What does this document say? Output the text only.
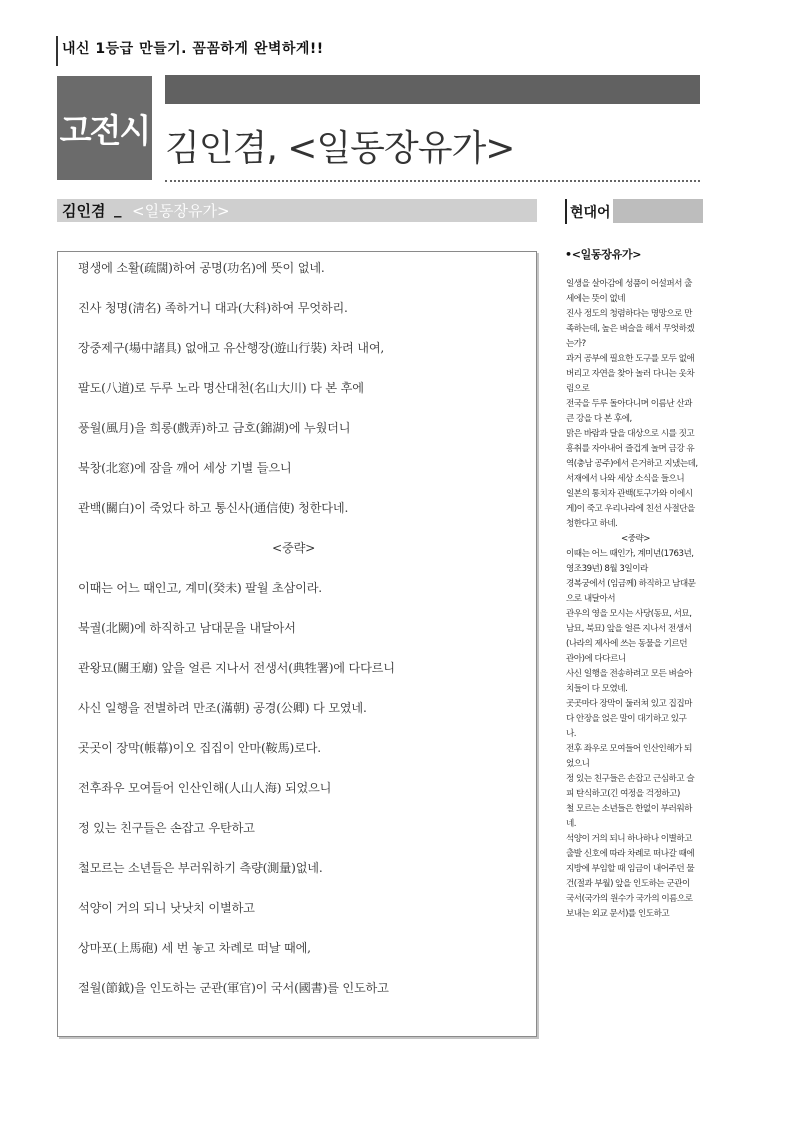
내신 1등급 만들기. 꼼꼼하게 완벽하게!!
고전시 김인겸, <일동장유가>
김인겸 _ <일동장유가>
평생에 소활(疏闊)하여 공명(功名)에 뜻이 없네.
진사 청명(淸名) 족하거니 대과(大科)하여 무엇하리.
장중제구(場中諸具) 없애고 유산행장(遊山行裝) 차려 내여,
팔도(八道)로 두루 노라 명산대천(名山大川) 다 본 후에
풍월(風月)을 희롱(戲弄)하고 금호(錦湖)에 누웠더니
북창(北窓)에 잠을 깨어 세상 기별 들으니
관백(關白)이 죽었다 하고 통신사(通信使) 청한다네.
<중략>
이때는 어느 때인고, 계미(癸未) 팔월 초삼이라.
북궐(北闕)에 하직하고 남대문을 내달아서
관왕묘(關王廟) 앞을 얼른 지나서 전생서(典牲署)에 다다르니
사신 일행을 전별하려 만조(滿朝) 공경(公卿) 다 모였네.
곳곳이 장막(帳幕)이오 집집이 안마(鞍馬)로다.
전후좌우 모여들어 인산인해(人山人海) 되었으니
정 있는 친구들은 손잡고 우탄하고
철모르는 소년들은 부러워하기 측량(測量)없네.
석양이 거의 되니 낫낫치 이별하고
상마포(上馬砲) 세 번 놓고 차례로 떠날 때에,
절월(節鉞)을 인도하는 군관(軍官)이 국서(國書)를 인도하고
현대어
•<일동장유가>
일생을 살아감에 성품이 어설퍼서 출
세에는 뜻이 없네
진사 정도의 청렴하다는 명망으로 만
족하는데, 높은 벼슬을 해서 무엇하겠
는가?
과거 공부에 필요한 도구를 모두 없애
버리고 자연을 찾아 놀러 다니는 옷차
림으로
전국을 두루 돌아다니며 이름난 산과
큰 강을 다 본 후에,
맑은 바람과 달을 대상으로 시를 짓고
흥취를 자아내어 즐겁게 놀며 금강 유
역(충남 공주)에서 은거하고 지냈는데,
서재에서 나와 세상 소식을 들으니
일본의 통치자 관백(토구가와 이에시
게)이 죽고 우리나라에 친선 사절단을
청한다고 하네.
<중략>
이때는 어느 때인가, 계미년(1763년,
영조39년) 8월 3일이라
경복궁에서 (임금께) 하직하고 남대문
으로 내달아서
관우의 영을 모시는 사당(동묘, 서묘,
남묘, 북묘) 앞을 얼른 지나서 전생서
(나라의 제사에 쓰는 동물을 기르던
관아)에 다다르니
사신 일행을 전송하려고 모든 벼슬아
치들이 다 모였네.
곳곳마다 장막이 둘러쳐 있고 집집마
다 안장을 얹은 말이 대기하고 있구
나.
전후 좌우로 모여들어 인산인해가 되
었으니
정 있는 친구들은 손잡고 근심하고 슬
피 탄식하고(긴 여정을 걱정하고)
철 모르는 소년들은 한없이 부러워하
네.
석양이 거의 되니 하나하나 이별하고
출발 신호에 따라 차례로 떠나갈 때에
지방에 부임할 때 임금이 내어주던 물
건(절과 부월) 앞을 인도하는 군관이
국서(국가의 원수가 국가의 이름으로
보내는 외교 문서)를 인도하고
